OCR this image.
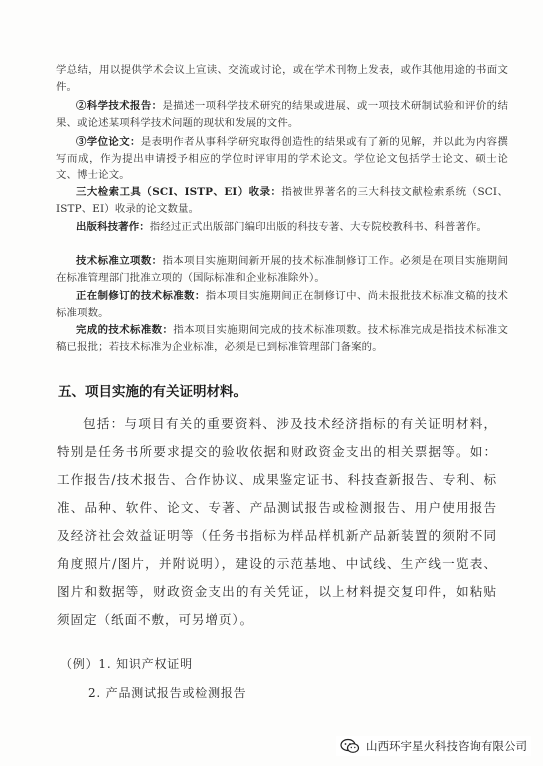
学总结，用以提供学术会议上宣读、交流或讨论，或在学术刊物上发表，或作其他用途的书面文件。
②科学技术报告：是描述一项科学技术研究的结果或进展、或一项技术研制试验和评价的结果、或论述某项科学技术问题的现状和发展的文件。
③学位论文：是表明作者从事科学研究取得创造性的结果或有了新的见解，并以此为内容撰写而成，作为提出申请授予相应的学位时评审用的学术论文。学位论文包括学士论文、硕士论文、博士论文。
三大检索工具（SCI、ISTP、EI）收录：指被世界著名的三大科技文献检索系统（SCI、ISTP、EI）收录的论文数量。
出版科技著作：指经过正式出版部门编印出版的科技专著、大专院校教科书、科普著作。
技术标准立项数：指本项目实施期间新开展的技术标准制修订工作。必须是在项目实施期间在标准管理部门批准立项的（国际标准和企业标准除外）。
正在制修订的技术标准数：指本项目实施期间正在制修订中、尚未报批技术标准文稿的技术标准项数。
完成的技术标准数：指本项目实施期间完成的技术标准项数。技术标准完成是指技术标准文稿已报批；若技术标准为企业标准，必须是已到标准管理部门备案的。
五、项目实施的有关证明材料。
包括：与项目有关的重要资料、涉及技术经济指标的有关证明材料，特别是任务书所要求提交的验收依据和财政资金支出的相关票据等。如：工作报告/技术报告、合作协议、成果鉴定证书、科技查新报告、专利、标准、品种、软件、论文、专著、产品测试报告或检测报告、用户使用报告及经济社会效益证明等（任务书指标为样品样机新产品新装置的须附不同角度照片/图片，并附说明），建设的示范基地、中试线、生产线一览表、图片和数据等，财政资金支出的有关凭证，以上材料提交复印件，如粘贴须固定（纸面不敷，可另增页）。
（例）1. 知识产权证明
2. 产品测试报告或检测报告
山西环宇星火科技咨询有限公司
